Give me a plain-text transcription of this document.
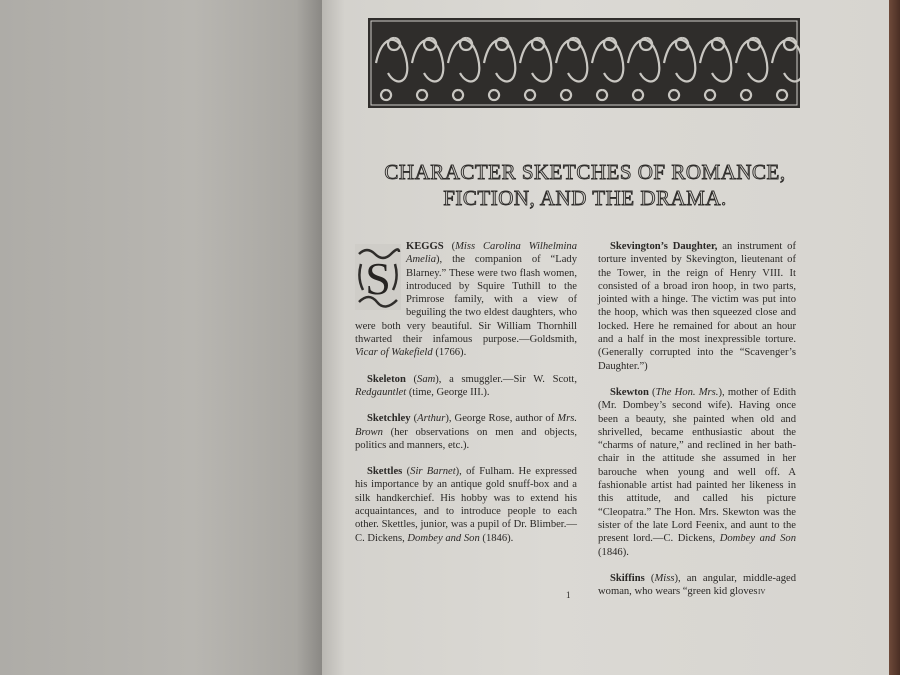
CHARACTER SKETCHES OF ROMANCE,
FICTION, AND THE DRAMA.
S

KEGGS (Miss Carolina Wilhelmina Amelia), the companion of “Lady Blarney.” These were two flash women, introduced by Squire Tuthill to the Primrose family, with a view of beguiling the two eldest daughters, who were both very beautiful. Sir William Thornhill thwarted their infamous purpose.—Goldsmith, Vicar of Wakefield (1766).

Skeleton (Sam), a smuggler.—Sir W. Scott, Redgauntlet (time, George III.).

Sketchley (Arthur), George Rose, author of Mrs. Brown (her observations on men and objects, politics and manners, etc.).

Skettles (Sir Barnet), of Fulham. He expressed his importance by an antique gold snuff-box and a silk handkerchief. His hobby was to extend his acquaintances, and to introduce people to each other. Skettles, junior, was a pupil of Dr. Blimber.—C. Dickens, Dombey and Son (1846).

Skevington’s Daughter, an instrument of torture invented by Skevington, lieutenant of the Tower, in the reign of Henry VIII. It consisted of a broad iron hoop, in two parts, jointed with a hinge. The victim was put into the hoop, which was then squeezed close and locked. Here he remained for about an hour and a half in the most inexpressible torture. (Generally corrupted into the “Scavenger’s Daughter.”)

Skewton (The Hon. Mrs.), mother of Edith (Mr. Dombey’s second wife). Having once been a beauty, she painted when old and shrivelled, became enthusiastic about the “charms of nature,” and reclined in her bath-chair in the attitude she assumed in her barouche when young and well off. A fashionable artist had painted her likeness in this attitude, and called his picture “Cleopatra.” The Hon. Mrs. Skewton was the sister of the late Lord Feenix, and aunt to the present lord.—C. Dickens, Dombey and Son (1846).

Skiffins (Miss), an angular, middle-aged woman, who wears “green kid gloves

1	IV
